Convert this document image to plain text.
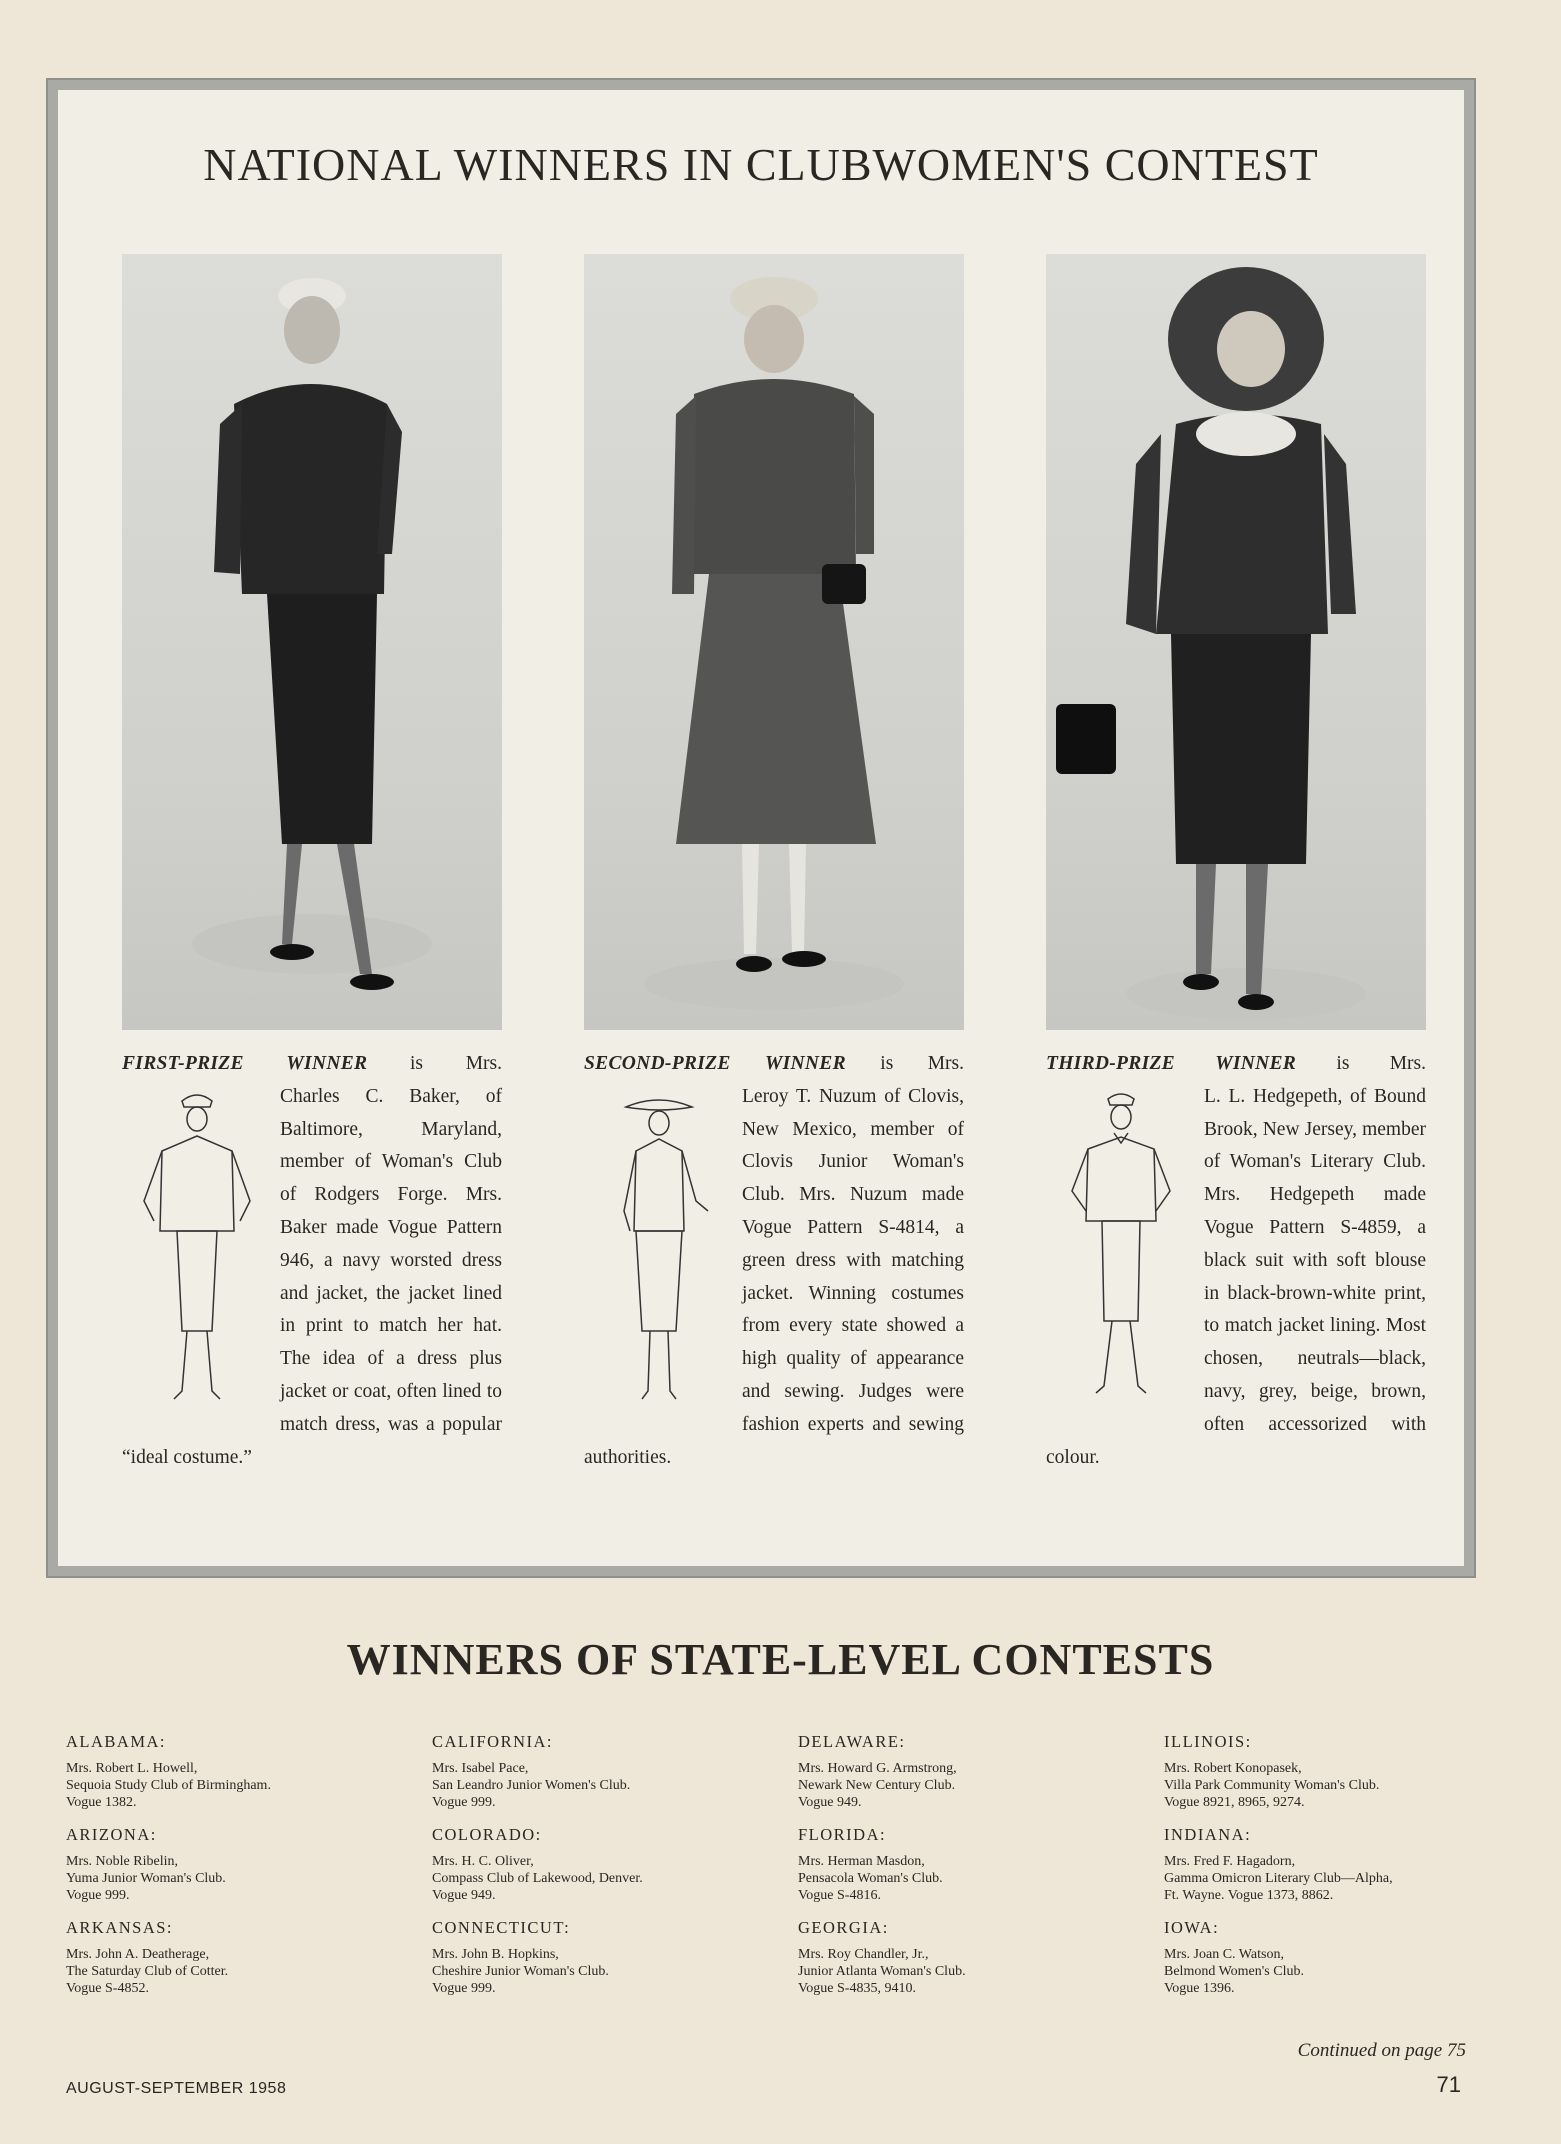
NATIONAL WINNERS IN CLUBWOMEN'S CONTEST
FIRST-PRIZE WINNER is Mrs.

Charles C. Baker, of Baltimore, Maryland, member of Woman's Club of Rodgers Forge. Mrs. Baker made Vogue Pattern 946, a navy worsted dress and jacket, the jacket lined in print to match her hat. The idea of a dress plus jacket or coat, often lined to match dress, was a popular “ideal costume.”

SECOND-PRIZE WINNER is Mrs.

Leroy T. Nuzum of Clovis, New Mexico, member of Clovis Junior Woman's Club. Mrs. Nuzum made Vogue Pattern S-4814, a green dress with matching jacket. Winning costumes from every state showed a high quality of appearance and sewing. Judges were fashion experts and sewing authorities.

THIRD-PRIZE WINNER is Mrs.

L. L. Hedgepeth, of Bound Brook, New Jersey, member of Woman's Literary Club. Mrs. Hedgepeth made Vogue Pattern S-4859, a black suit with soft blouse in black-brown-white print, to match jacket lining. Most chosen, neutrals—black, navy, grey, beige, brown, often accessorized with colour.

WINNERS OF STATE-LEVEL CONTESTS
ALABAMA:
Mrs. Robert L. Howell,
Sequoia Study Club of Birmingham.
Vogue 1382.
ARIZONA:
Mrs. Noble Ribelin,
Yuma Junior Woman's Club.
Vogue 999.
ARKANSAS:
Mrs. John A. Deatherage,
The Saturday Club of Cotter.
Vogue S-4852.
CALIFORNIA:
Mrs. Isabel Pace,
San Leandro Junior Women's Club.
Vogue 999.
COLORADO:
Mrs. H. C. Oliver,
Compass Club of Lakewood, Denver.
Vogue 949.
CONNECTICUT:
Mrs. John B. Hopkins,
Cheshire Junior Woman's Club.
Vogue 999.
DELAWARE:
Mrs. Howard G. Armstrong,
Newark New Century Club.
Vogue 949.
FLORIDA:
Mrs. Herman Masdon,
Pensacola Woman's Club.
Vogue S-4816.
GEORGIA:
Mrs. Roy Chandler, Jr.,
Junior Atlanta Woman's Club.
Vogue S-4835, 9410.
ILLINOIS:
Mrs. Robert Konopasek,
Villa Park Community Woman's Club.
Vogue 8921, 8965, 9274.
INDIANA:
Mrs. Fred F. Hagadorn,
Gamma Omicron Literary Club—Alpha,
Ft. Wayne. Vogue 1373, 8862.
IOWA:
Mrs. Joan C. Watson,
Belmond Women's Club.
Vogue 1396.
Continued on page 75
AUGUST-SEPTEMBER 1958	71
